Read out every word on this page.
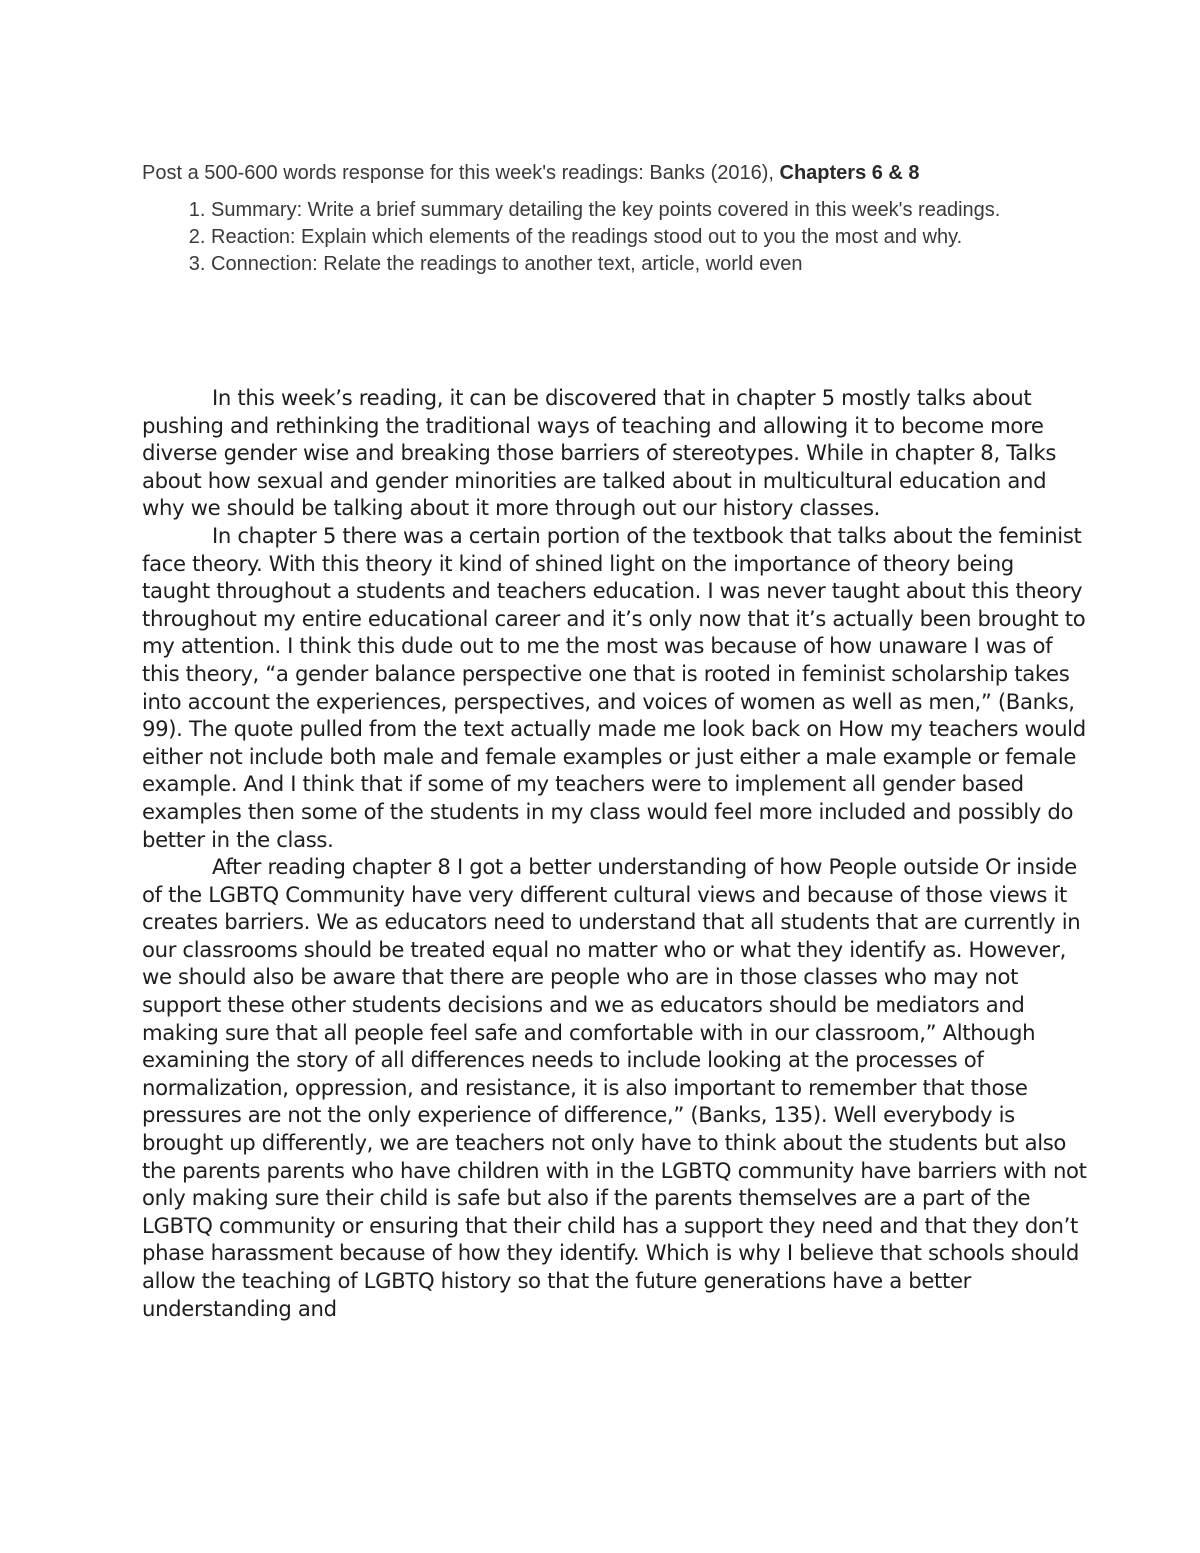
Post a 500-600 words response for this week's readings: Banks (2016), Chapters 6 & 8

1. Summary: Write a brief summary detailing the key points covered in this week's readings.
2. Reaction: Explain which elements of the readings stood out to you the most and why.
3. Connection: Relate the readings to another text, article, world even

In this week’s reading, it can be discovered that in chapter 5 mostly talks about pushing and rethinking the traditional ways of teaching and allowing it to become more diverse gender wise and breaking those barriers of stereotypes. While in chapter 8, Talks about how sexual and gender minorities are talked about in multicultural education and why we should be talking about it more through out our history classes.

In chapter 5 there was a certain portion of the textbook that talks about the feminist face theory. With this theory it kind of shined light on the importance of theory being taught throughout a students and teachers education. I was never taught about this theory throughout my entire educational career and it’s only now that it’s actually been brought to my attention. I think this dude out to me the most was because of how unaware I was of this theory, “a gender balance perspective one that is rooted in feminist scholarship takes into account the experiences, perspectives, and voices of women as well as men,” (Banks, 99). The quote pulled from the text actually made me look back on How my teachers would either not include both male and female examples or just either a male example or female example. And I think that if some of my teachers were to implement all gender based examples then some of the students in my class would feel more included and possibly do better in the class.

After reading chapter 8 I got a better understanding of how People outside Or inside of the LGBTQ Community have very different cultural views and because of those views it creates barriers. We as educators need to understand that all students that are currently in our classrooms should be treated equal no matter who or what they identify as. However, we should also be aware that there are people who are in those classes who may not support these other students decisions and we as educators should be mediators and making sure that all people feel safe and comfortable with in our classroom,” Although examining the story of all differences needs to include looking at the processes of normalization, oppression, and resistance, it is also important to remember that those pressures are not the only experience of difference,” (Banks, 135). Well everybody is brought up differently, we are teachers not only have to think about the students but also the parents parents who have children with in the LGBTQ community have barriers with not only making sure their child is safe but also if the parents themselves are a part of the LGBTQ community or ensuring that their child has a support they need and that they don’t phase harassment because of how they identify. Which is why I believe that schools should allow the teaching of LGBTQ history so that the future generations have a better understanding and
